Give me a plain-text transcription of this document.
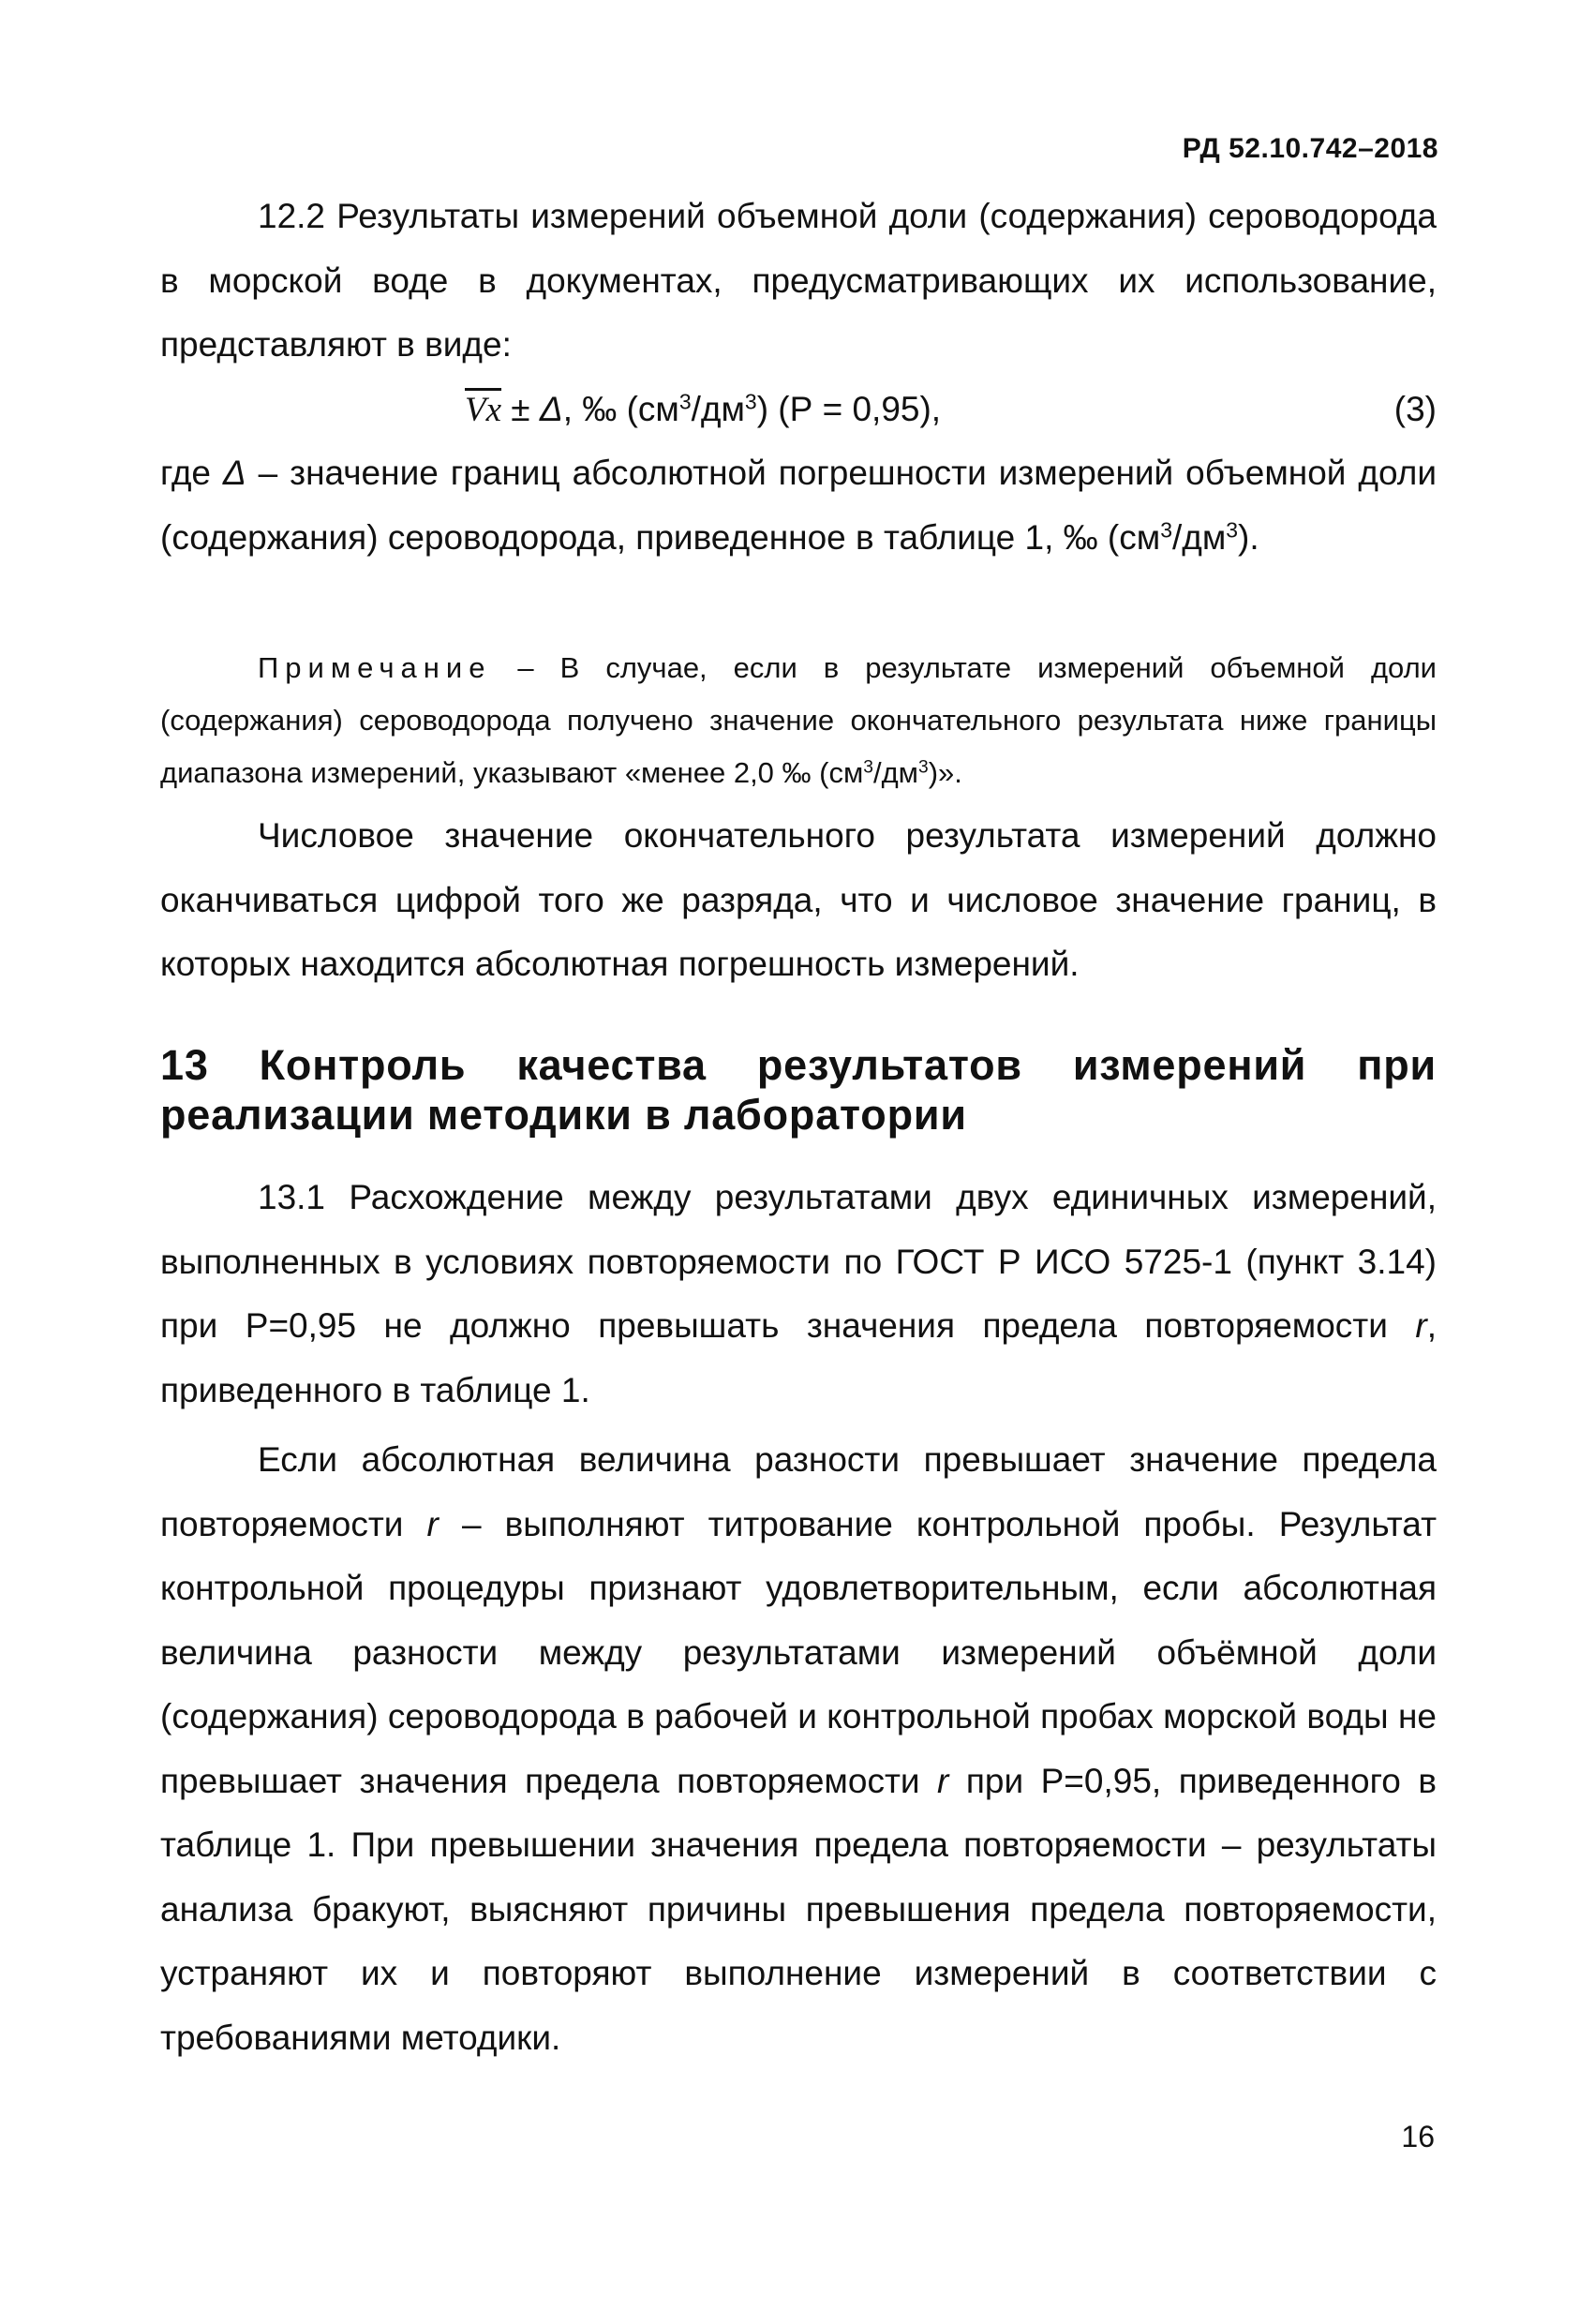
РД 52.10.742–2018

12.2 Результаты измерений объемной доли (содержания) сероводорода в морской воде в документах, предусматривающих их использование, представляют в виде:

$\overline{Vx} \pm \Delta$, ‰ $(см^3/дм^3) (Р = 0,95)$,	(3)

где Δ – значение границ абсолютной погрешности измерений объемной доли (содержания) сероводорода, приведенное в таблице 1, ‰ $(см^3/дм^3)$.

Примечание – В случае, если в результате измерений объемной доли (содержания) сероводорода получено значение окончательного результата ниже границы диапазона измерений, указывают «менее 2,0 ‰ $(см^3/дм^3)$».

Числовое значение окончательного результата измерений должно оканчиваться цифрой того же разряда, что и числовое значение границ, в которых находится абсолютная погрешность измерений.

13 Контроль качества результатов измерений при реализации методики в лаборатории

13.1 Расхождение между результатами двух единичных измерений, выполненных в условиях повторяемости по ГОСТ Р ИСО 5725-1 (пункт 3.14) при Р=0,95 не должно превышать значения предела повторяемости r, приведенного в таблице 1.

Если абсолютная величина разности превышает значение предела повторяемости r – выполняют титрование контрольной пробы. Результат контрольной процедуры признают удовлетворительным, если абсолютная величина разности между результатами измерений объёмной доли (содержания) сероводорода в рабочей и контрольной пробах морской воды не превышает значения предела повторяемости r при Р=0,95, приведенного в таблице 1. При превышении значения предела повторяемости – результаты анализа бракуют, выясняют причины превышения предела повторяемости, устраняют их и повторяют выполнение измерений в соответствии с требованиями методики.

16
